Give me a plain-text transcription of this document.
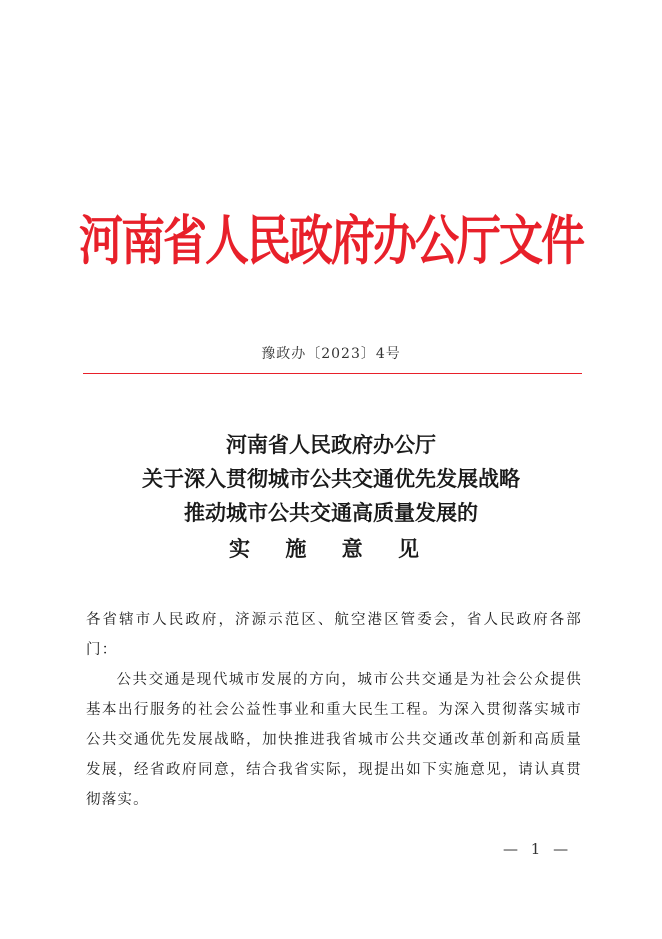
河南省人民政府办公厅文件
豫政办〔2023〕4号
河南省人民政府办公厅
关于深入贯彻城市公共交通优先发展战略
推动城市公共交通高质量发展的
实 施 意 见

各省辖市人民政府，济源示范区、航空港区管委会，省人民政府各部门：

公共交通是现代城市发展的方向，城市公共交通是为社会公众提供基本出行服务的社会公益性事业和重大民生工程。为深入贯彻落实城市公共交通优先发展战略，加快推进我省城市公共交通改革创新和高质量发展，经省政府同意，结合我省实际，现提出如下实施意见，请认真贯彻落实。

— 1 —
